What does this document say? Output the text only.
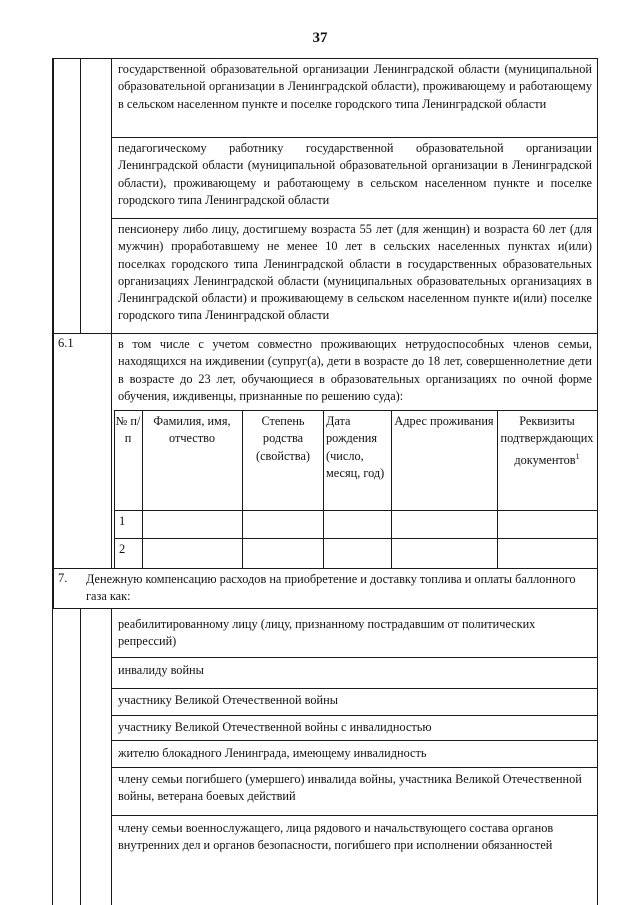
37
государственной образовательной организации Ленинградской области (муниципальной образовательной организации в Ленинградской области), проживающему и работающему в сельском населенном пункте и поселке городского типа Ленинградской области
педагогическому работнику государственной образовательной организации Ленинградской области (муниципальной образовательной организации в Ленинградской области), проживающему и работающему в сельском населенном пункте и поселке городского типа Ленинградской области
пенсионеру либо лицу, достигшему возраста 55 лет (для женщин) и возраста 60 лет (для мужчин) проработавшему не менее 10 лет в сельских населенных пунктах и(или) поселках городского типа Ленинградской области в государственных образовательных организациях Ленинградской области (муниципальных образовательных организациях в Ленинградской области) и проживающему в сельском населенном пункте и(или) поселке городского типа Ленинградской области
6.1	в том числе с учетом совместно проживающих нетрудоспособных членов семьи, находящихся на иждивении (супруг(а), дети в возрасте до 18 лет, совершеннолетние дети в возрасте до 23 лет, обучающиеся в образовательных организациях по очной форме обучения, иждивенцы, признанные по решению суда):
№ п/п
Фамилия, имя, отчество
Степень родства (свойства)
Дата рождения (число, месяц, год)
Адрес проживания	Реквизиты подтверждающих документов$^1$
1
2
7. Денежную компенсацию расходов на приобретение и доставку топлива и оплаты баллонного газа как:
реабилитированному лицу (лицу, признанному пострадавшим от политических репрессий)
инвалиду войны
участнику Великой Отечественной войны
участнику Великой Отечественной войны с инвалидностью
жителю блокадного Ленинграда, имеющему инвалидность
члену семьи погибшего (умершего) инвалида войны, участника Великой Отечественной войны, ветерана боевых действий
члену семьи военнослужащего, лица рядового и начальствующего состава органов внутренних дел и органов безопасности, погибшего при исполнении обязанностей
